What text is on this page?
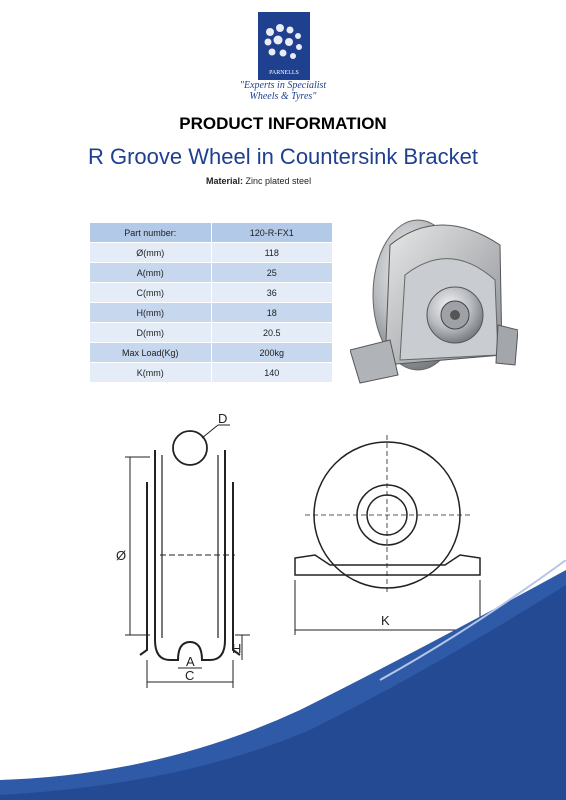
PARNELLS
"Experts in Specialist
Wheels & Tyres"
PRODUCT INFORMATION
R Groove Wheel in Countersink Bracket
Material: Zinc plated steel
Part number:	120-R-FX1
Ø(mm)	118
A(mm)	25
C(mm)	36
H(mm)	18
D(mm)	20.5
Max Load(Kg)	200kg
K(mm)	140
D
Ø
H
A
C
K
